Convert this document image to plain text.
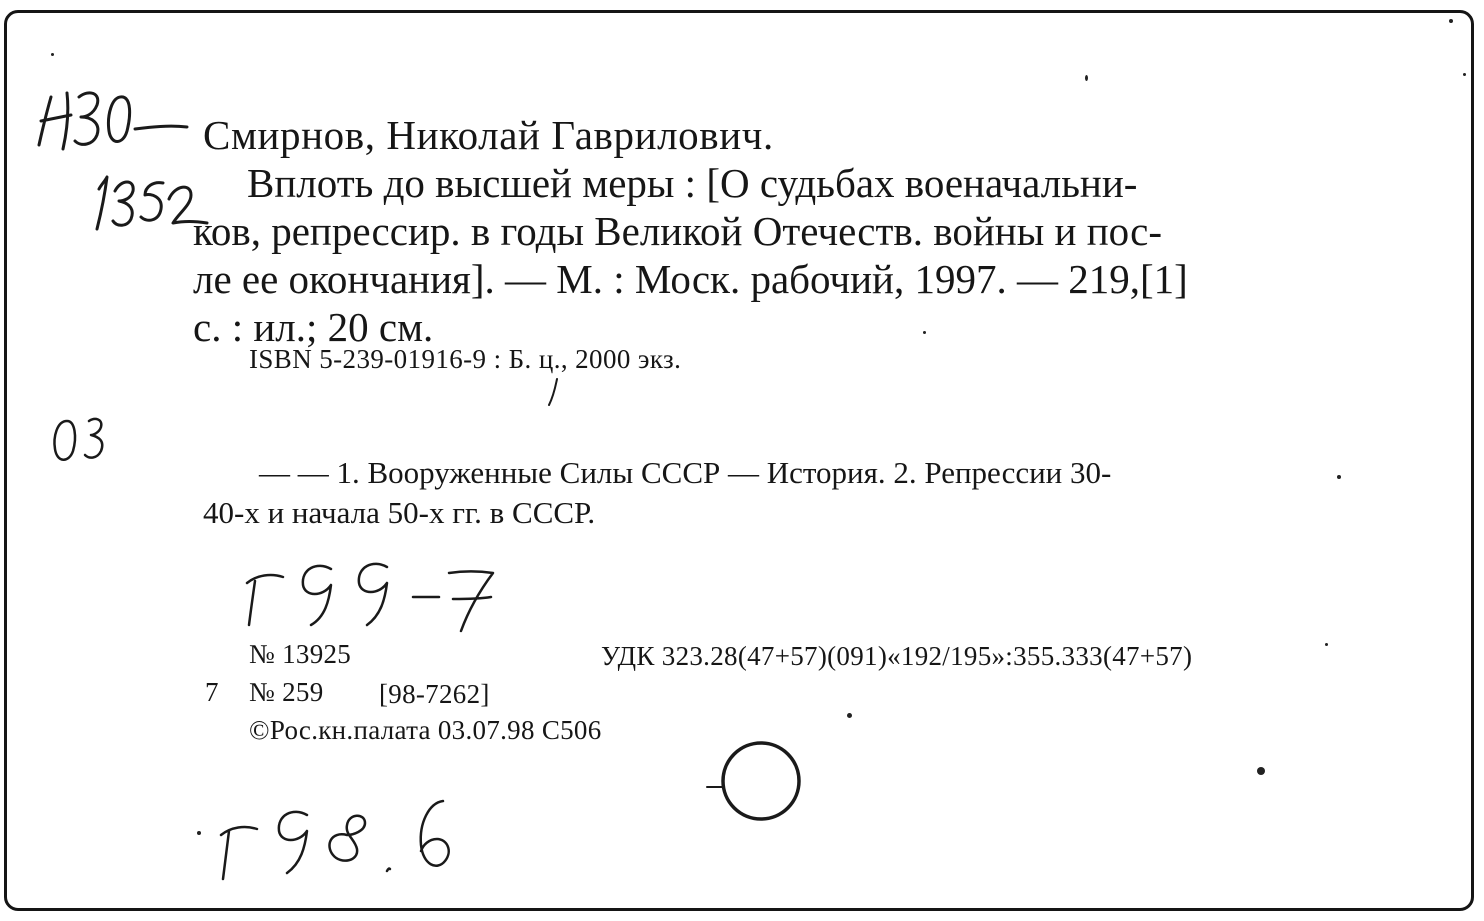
Смирнов, Николай Гаврилович.
Вплоть до высшей меры : [О судьбах военачальни-
ков, репрессир. в годы Великой Отечеств. войны и пос-
ле ее окончания]. — М. : Моск. рабочий, 1997. — 219,[1]
с. : ил.; 20 см.
ISBN 5-239-01916-9 : Б. ц., 2000 экз.
— — 1. Вооруженные Силы СССР — История. 2. Репрессии 30-
40-х и начала 50-х гг. в СССР.
№ 13925	УДК 323.28(47+57)(091)«192/195»:355.333(47+57)
7 № 259 [98-7262]
©Рос.кн.палата 03.07.98 С506
